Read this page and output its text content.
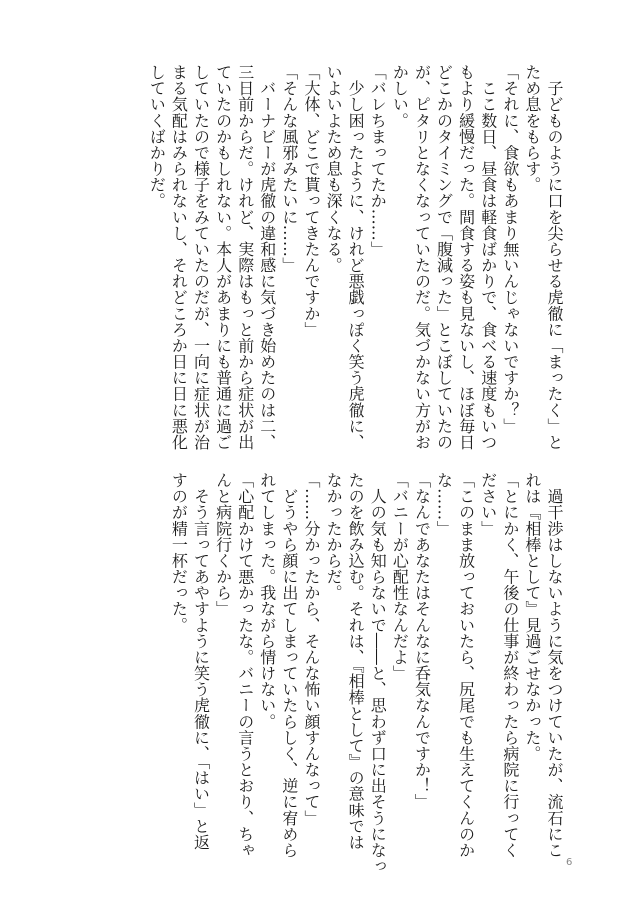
　子どものように口を尖らせる虎徹に「まったく」と

ため息をもらす。

「それに、食欲もあまり無いんじゃないですか？」

　ここ数日、昼食は軽食ばかりで、食べる速度もいつ

もより緩慢だった。間食する姿も見ないし、ほぼ毎日

どこかのタイミングで「腹減った」とこぼしていたの

が、ピタリとなくなっていたのだ。気づかない方がお

かしい。

「バレちまってたか……」

　少し困ったように、けれど悪戯っぽく笑う虎徹に、

いよいよため息も深くなる。

「大体、どこで貰ってきたんですか」

「そんな風邪みたいに……」

　バーナビーが虎徹の違和感に気づき始めたのは二、

三日前からだ。けれど、実際はもっと前から症状が出

ていたのかもしれない。本人があまりにも普通に過ご

していたので様子をみていたのだが、一向に症状が治

まる気配はみられないし、それどころか日に日に悪化

していくばかりだ。

　過干渉はしないように気をつけていたが、流石にこ

れは『相棒として』見過ごせなかった。

「とにかく、午後の仕事が終わったら病院に行ってく

ださい」

「このまま放っておいたら、尻尾でも生えてくんのか

な……」

「なんであなたはそんなに呑気なんですか！」

「バニーが心配性なんだよ」

　人の気も知らないで――と、思わず口に出そうになっ

たのを飲み込む。それは、『相棒として』の意味では

なかったからだ。

「……分かったから、そんな怖い顔すんなって」

　どうやら顔に出てしまっていたらしく、逆に宥めら

れてしまった。我ながら情けない。

「心配かけて悪かったな。バニーの言うとおり、ちゃ

んと病院行くから」

　そう言ってあやすように笑う虎徹に、「はい」と返

すのが精一杯だった。

6
